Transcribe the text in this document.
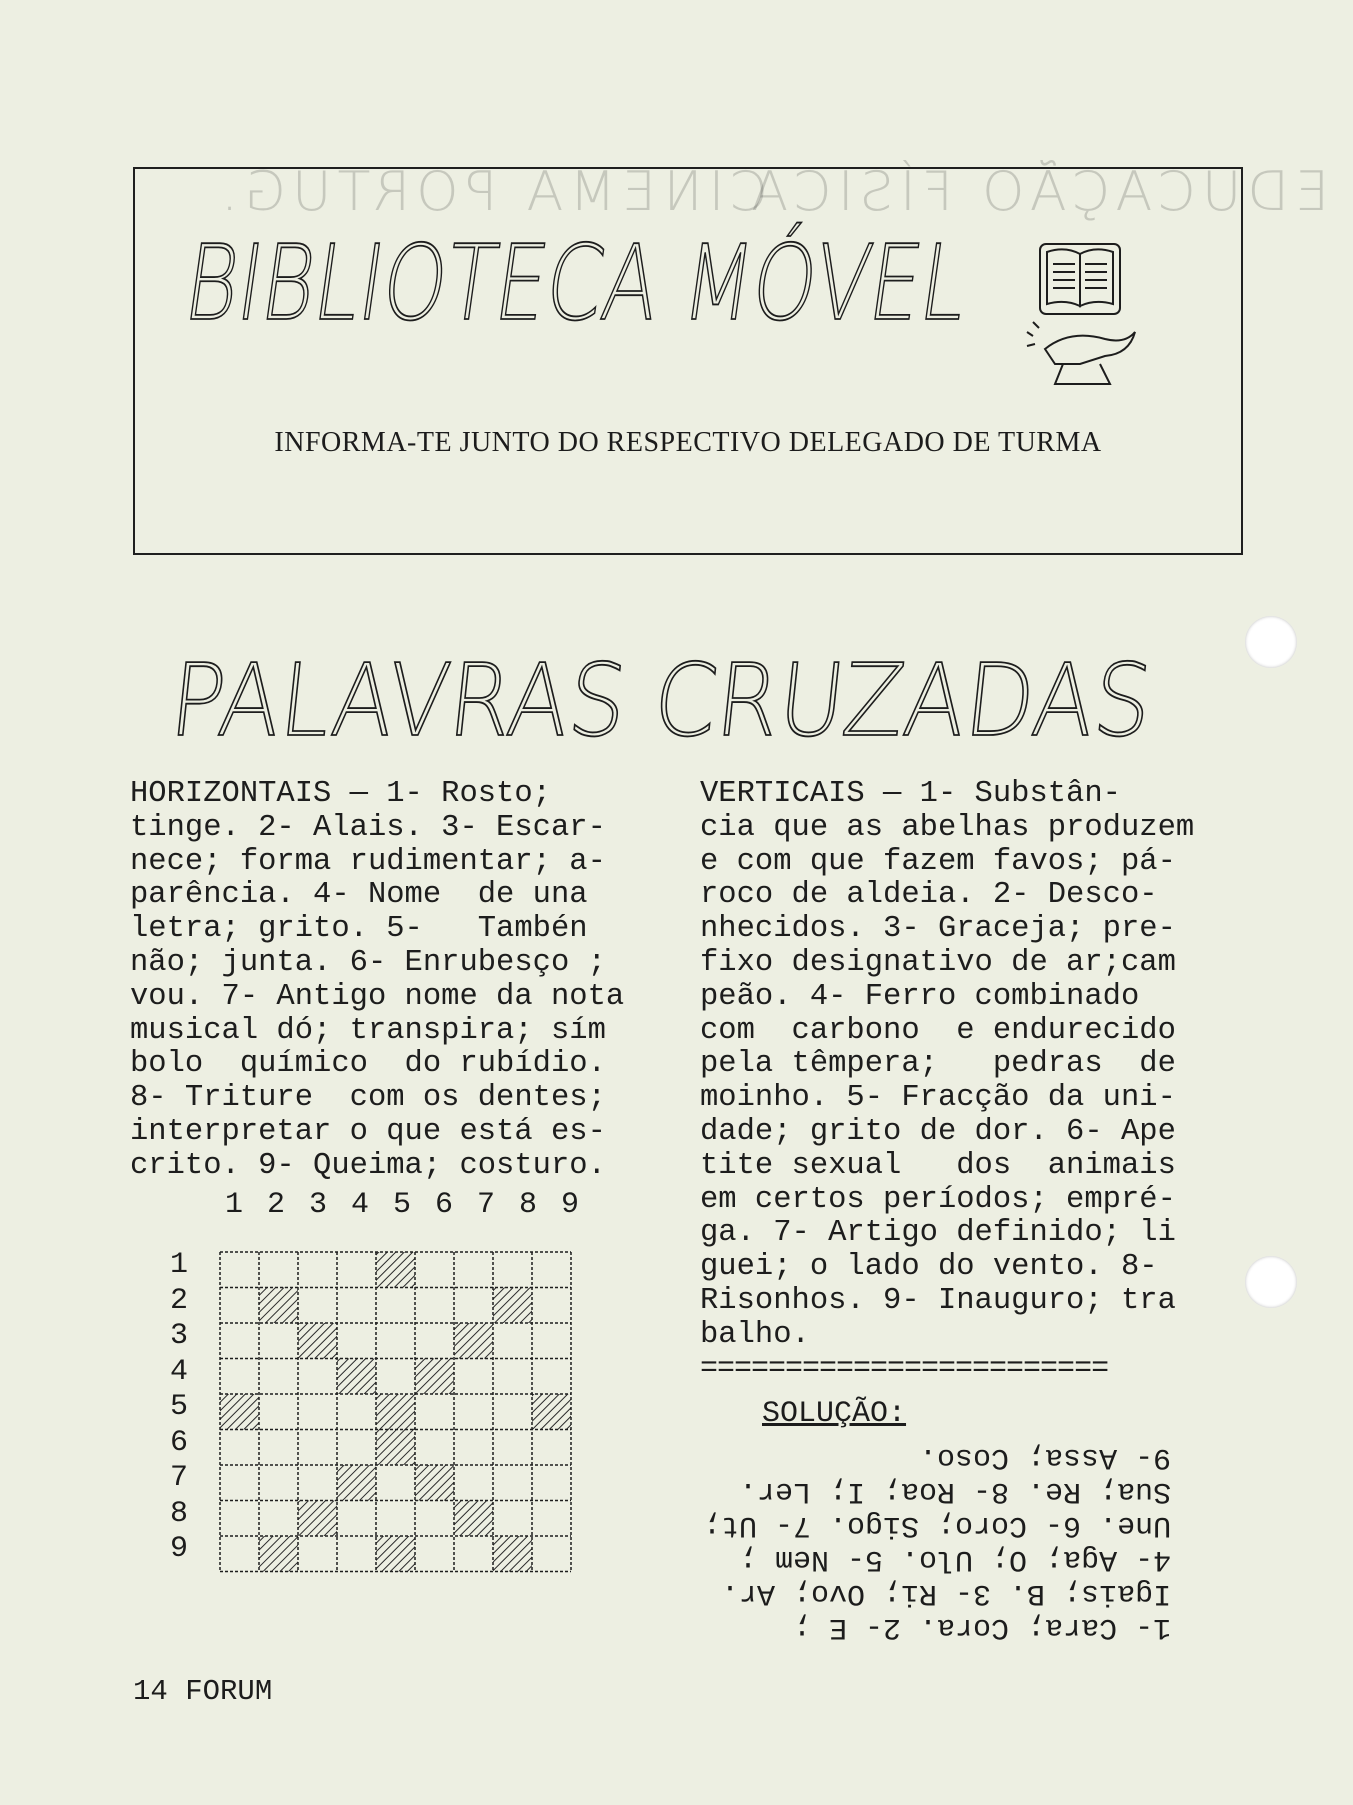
EDUCAÇÃO FÍSICA
CINEMA PORTUG.
BIBLIOTECA MÓVEL
INFORMA-TE JUNTO DO RESPECTIVO DELEGADO DE TURMA
PALAVRAS CRUZADAS
HORIZONTAIS — 1- Rosto;
tinge. 2- Alais. 3- Escar-
nece; forma rudimentar; a-
parência. 4- Nome  de una
letra; grito. 5-   Tambén
não; junta. 6- Enrubesço ;
vou. 7- Antigo nome da nota
musical dó; transpira; sím
bolo  químico  do rubídio.
8- Triture  com os dentes;
interpretar o que está es-
crito. 9- Queima; costuro.
VERTICAIS — 1- Substân-
cia que as abelhas produzem
e com que fazem favos; pá-
roco de aldeia. 2- Desco-
nhecidos. 3- Graceja; pre-
fixo designativo de ar;cam
peão. 4- Ferro combinado
com  carbono  e endurecido
pela têmpera;   pedras  de
moinho. 5- Fracção da uni-
dade; grito de dor. 6- Ape
tite sexual   dos  animais
em certos períodos; empré-
ga. 7- Artigo definido; li
guei; o lado do vento. 8-
Risonhos. 9- Inauguro; tra
balho.
1 2 3 4 5 6 7 8 9
1
2
3
4
5
6
7
8
9
========================
SOLUÇÃO:
1- Cara; Cora. 2- E ;
Igais; B. 3- Ri; Ovo; Ar.
4- Aga; O; Ulo. 5- Nem ;
Une. 6- Coro; Sigo. 7- Ut;
Sua; Re. 8- Roa; I; Ler.
9- Assa; Coso.
14 FORUM
